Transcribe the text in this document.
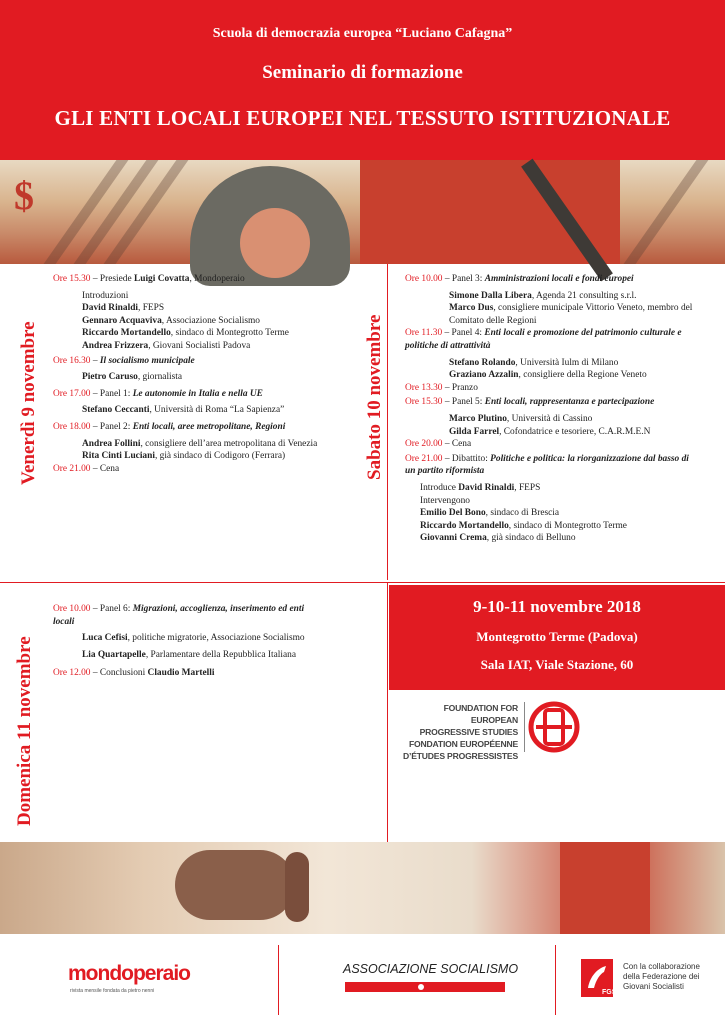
Scuola di democrazia europea “Luciano Cafagna”
Seminario di formazione
GLI ENTI LOCALI EUROPEI NEL TESSUTO ISTITUZIONALE
$
Venerdì 9 novembre	Sabato 10 novembre
Domenica 11 novembre
Ore 15.30 – Presiede Luigi Covatta, Mondoperaio
Introduzioni
David Rinaldi, FEPS
Gennaro Acquaviva, Associazione Socialismo
Riccardo Mortandello, sindaco di Montegrotto Terme
Andrea Frizzera, Giovani Socialisti Padova
Ore 16.30 – Il socialismo municipale
Pietro Caruso, giornalista
Ore 17.00 – Panel 1: Le autonomie in Italia e nella UE
Stefano Ceccanti, Università di Roma “La Sapienza”
Ore 18.00 – Panel 2: Enti locali, aree metropolitane, Regioni
Andrea Follini, consigliere dell’area metropolitana di Venezia
Rita Cinti Luciani, già sindaco di Codigoro (Ferrara)
Ore 21.00 – Cena
Ore 10.00 – Panel 3: Amministrazioni locali e fondi europei
Simone Dalla Libera, Agenda 21 consulting s.r.l.
Marco Dus, consigliere municipale Vittorio Veneto, membro del Comitato delle Regioni
Ore 11.30 – Panel 4: Enti locali e promozione del patrimonio culturale e politiche di attrattività
Stefano Rolando, Università Iulm di Milano
Graziano Azzalin, consigliere della Regione Veneto
Ore 13.30 – Pranzo
Ore 15.30 – Panel 5: Enti locali, rappresentanza e partecipazione
Marco Plutino, Università di Cassino
Gilda Farrel, Cofondatrice e tesoriere, C.A.R.M.E.N
Ore 20.00 – Cena
Ore 21.00 – Dibattito: Politiche e politica: la riorganizzazione dal basso di un partito riformista
Introduce David Rinaldi, FEPS
Intervengono
Emilio Del Bono, sindaco di Brescia
Riccardo Mortandello, sindaco di Montegrotto Terme
Giovanni Crema, già sindaco di Belluno
Ore 10.00 – Panel 6: Migrazioni, accoglienza, inserimento ed enti locali
Luca Cefisi, politiche migratorie, Associazione Socialismo
Lia Quartapelle, Parlamentare della Repubblica Italiana
Ore 12.00 – Conclusioni Claudio Martelli
9-10-11 novembre 2018
Montegrotto Terme (Padova)
Sala IAT, Viale Stazione, 60
FOUNDATION FOR EUROPEAN
PROGRESSIVE STUDIES
FONDATION EUROPÉENNE
D’ÉTUDES PROGRESSISTES
mondoperaio
rivista mensile fondata da pietro nenni
ASSOCIAZIONE SOCIALISMO
FGS
Con la collaborazione
della Federazione dei
Giovani Socialisti
